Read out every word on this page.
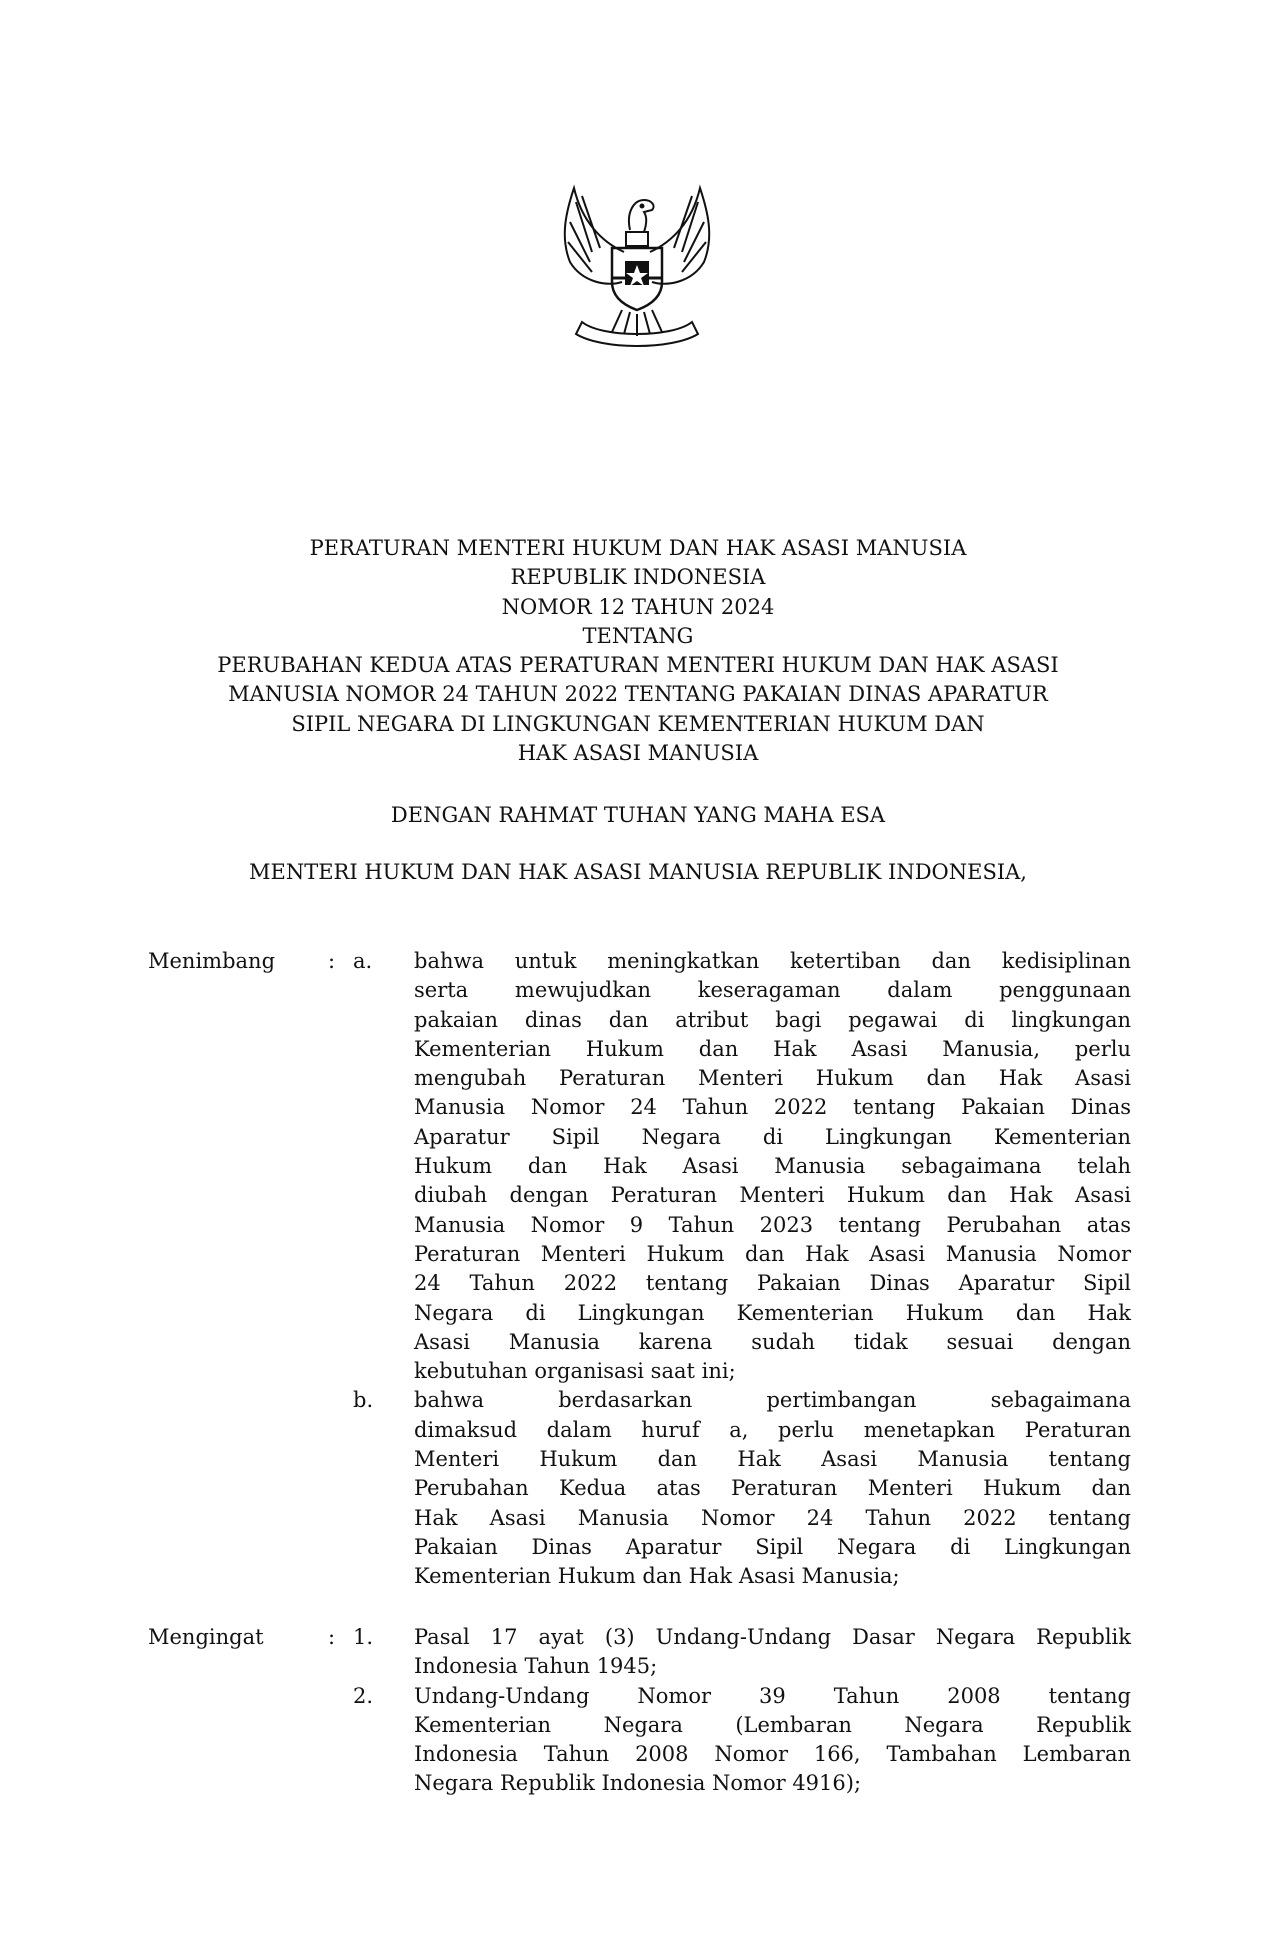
PERATURAN MENTERI HUKUM DAN HAK ASASI MANUSIA
REPUBLIK INDONESIA
NOMOR 12 TAHUN 2024
TENTANG
PERUBAHAN KEDUA ATAS PERATURAN MENTERI HUKUM DAN HAK ASASI
MANUSIA NOMOR 24 TAHUN 2022 TENTANG PAKAIAN DINAS APARATUR
SIPIL NEGARA DI LINGKUNGAN KEMENTERIAN HUKUM DAN
HAK ASASI MANUSIA
DENGAN RAHMAT TUHAN YANG MAHA ESA
MENTERI HUKUM DAN HAK ASASI MANUSIA REPUBLIK INDONESIA,
Menimbang	: a. bahwa untuk meningkatkan ketertiban dan kedisiplinan
serta mewujudkan keseragaman dalam penggunaan
pakaian dinas dan atribut bagi pegawai di lingkungan
Kementerian Hukum dan Hak Asasi Manusia, perlu
mengubah Peraturan Menteri Hukum dan Hak Asasi
Manusia Nomor 24 Tahun 2022 tentang Pakaian Dinas
Aparatur Sipil Negara di Lingkungan Kementerian
Hukum dan Hak Asasi Manusia sebagaimana telah
diubah dengan Peraturan Menteri Hukum dan Hak Asasi
Manusia Nomor 9 Tahun 2023 tentang Perubahan atas
Peraturan Menteri Hukum dan Hak Asasi Manusia Nomor
24 Tahun 2022 tentang Pakaian Dinas Aparatur Sipil
Negara di Lingkungan Kementerian Hukum dan Hak
Asasi Manusia karena sudah tidak sesuai dengan
kebutuhan organisasi saat ini;
b. bahwa berdasarkan pertimbangan sebagaimana
dimaksud dalam huruf a, perlu menetapkan Peraturan
Menteri Hukum dan Hak Asasi Manusia tentang
Perubahan Kedua atas Peraturan Menteri Hukum dan
Hak Asasi Manusia Nomor 24 Tahun 2022 tentang
Pakaian Dinas Aparatur Sipil Negara di Lingkungan
Kementerian Hukum dan Hak Asasi Manusia;
Mengingat	: 1. Pasal 17 ayat (3) Undang-Undang Dasar Negara Republik
Indonesia Tahun 1945;
2. Undang-Undang Nomor 39 Tahun 2008 tentang
Kementerian Negara (Lembaran Negara Republik
Indonesia Tahun 2008 Nomor 166, Tambahan Lembaran
Negara Republik Indonesia Nomor 4916);
